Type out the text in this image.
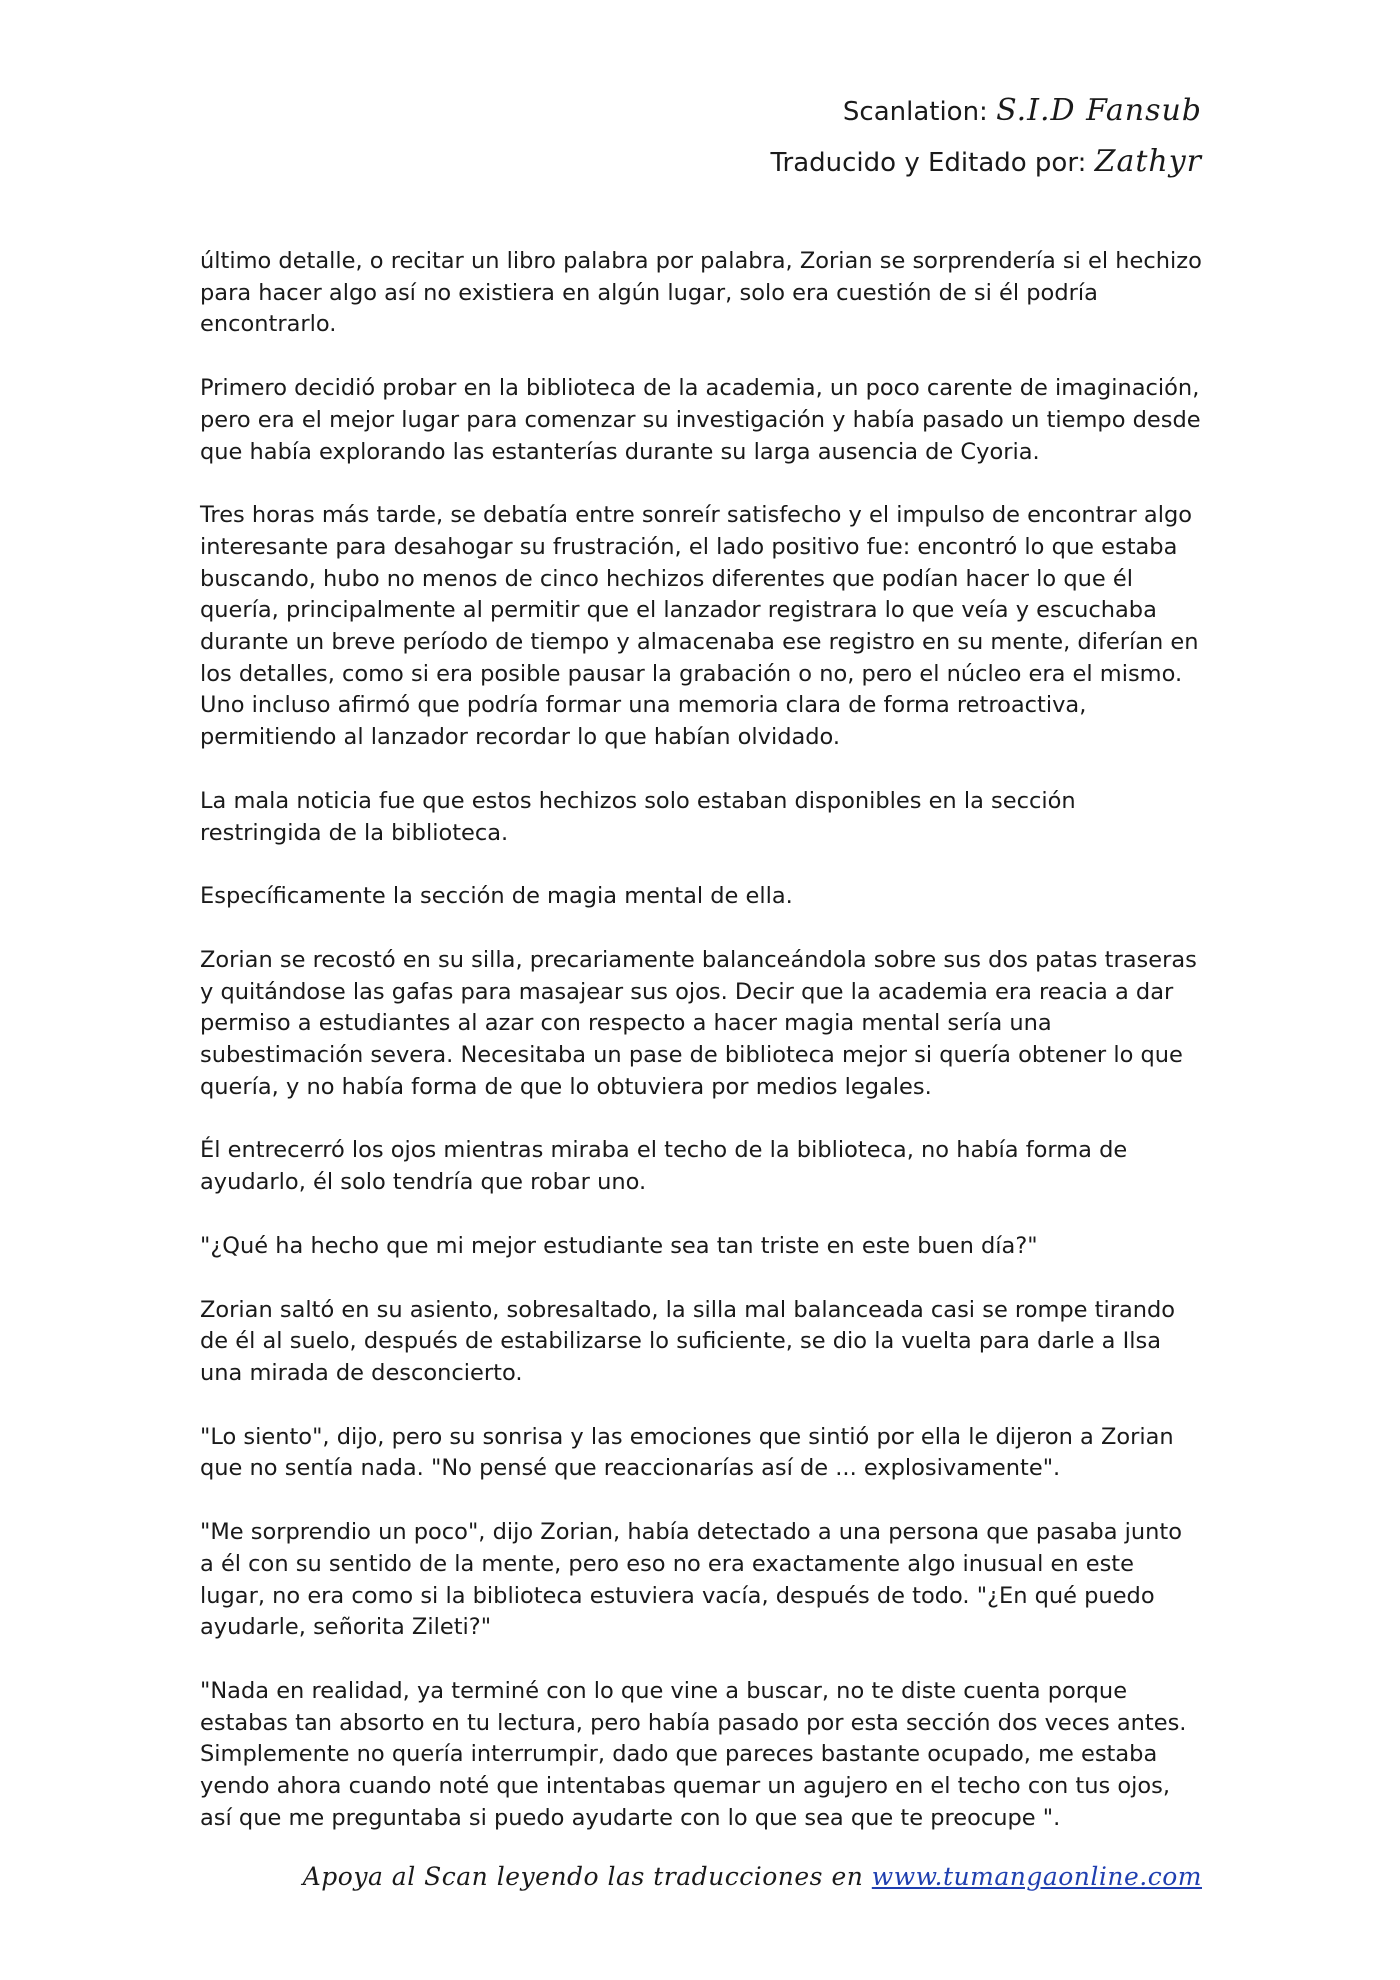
Scanlation: S.I.D Fansub
Traducido y Editado por: Zathyr

último detalle, o recitar un libro palabra por palabra, Zorian se sorprendería si el hechizo para hacer algo así no existiera en algún lugar, solo era cuestión de si él podría encontrarlo.

Primero decidió probar en la biblioteca de la academia, un poco carente de imaginación, pero era el mejor lugar para comenzar su investigación y había pasado un tiempo desde que había explorando las estanterías durante su larga ausencia de Cyoria.

Tres horas más tarde, se debatía entre sonreír satisfecho y el impulso de encontrar algo interesante para desahogar su frustración, el lado positivo fue: encontró lo que estaba buscando, hubo no menos de cinco hechizos diferentes que podían hacer lo que él quería, principalmente al permitir que el lanzador registrara lo que veía y escuchaba durante un breve período de tiempo y almacenaba ese registro en su mente, diferían en los detalles, como si era posible pausar la grabación o no, pero el núcleo era el mismo. Uno incluso afirmó que podría formar una memoria clara de forma retroactiva, permitiendo al lanzador recordar lo que habían olvidado.

La mala noticia fue que estos hechizos solo estaban disponibles en la sección restringida de la biblioteca.

Específicamente la sección de magia mental de ella.

Zorian se recostó en su silla, precariamente balanceándola sobre sus dos patas traseras y quitándose las gafas para masajear sus ojos. Decir que la academia era reacia a dar permiso a estudiantes al azar con respecto a hacer magia mental sería una subestimación severa. Necesitaba un pase de biblioteca mejor si quería obtener lo que quería, y no había forma de que lo obtuviera por medios legales.

Él entrecerró los ojos mientras miraba el techo de la biblioteca, no había forma de ayudarlo, él solo tendría que robar uno.

"¿Qué ha hecho que mi mejor estudiante sea tan triste en este buen día?"

Zorian saltó en su asiento, sobresaltado, la silla mal balanceada casi se rompe tirando de él al suelo, después de estabilizarse lo suficiente, se dio la vuelta para darle a Ilsa una mirada de desconcierto.

"Lo siento", dijo, pero su sonrisa y las emociones que sintió por ella le dijeron a Zorian que no sentía nada. "No pensé que reaccionarías así de ... explosivamente".

"Me sorprendio un poco", dijo Zorian, había detectado a una persona que pasaba junto a él con su sentido de la mente, pero eso no era exactamente algo inusual en este lugar, no era como si la biblioteca estuviera vacía, después de todo. "¿En qué puedo ayudarle, señorita Zileti?"

"Nada en realidad, ya terminé con lo que vine a buscar, no te diste cuenta porque estabas tan absorto en tu lectura, pero había pasado por esta sección dos veces antes. Simplemente no quería interrumpir, dado que pareces bastante ocupado, me estaba yendo ahora cuando noté que intentabas quemar un agujero en el techo con tus ojos, así que me preguntaba si puedo ayudarte con lo que sea que te preocupe ".

Apoya al Scan leyendo las traducciones en www.tumangaonline.com
